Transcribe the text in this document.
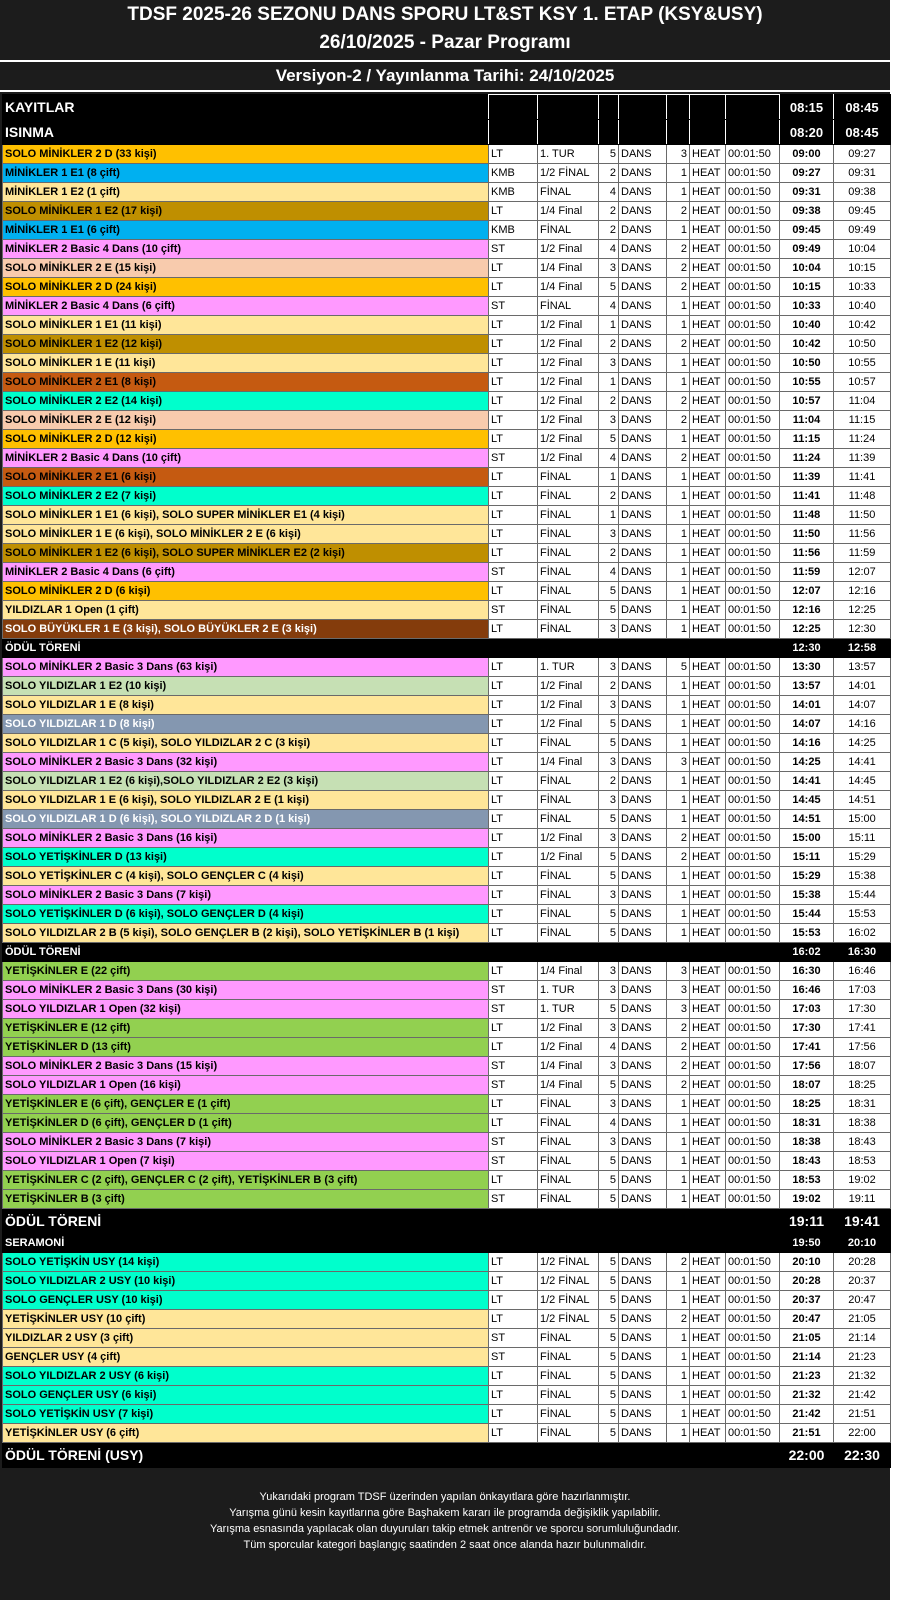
TDSF 2025-26 SEZONU DANS SPORU LT&ST KSY 1. ETAP (KSY&USY)
26/10/2025 - Pazar Programı
Versiyon-2 / Yayınlanma Tarihi: 24/10/2025
KAYITLAR								08:15	08:45
ISINMA								08:20	08:45
SOLO MİNİKLER 2 D (33 kişi)	LT	1. TUR	5	DANS	3	HEAT	00:01:50	09:00	09:27
MİNİKLER 1 E1 (8 çift)	KMB	1/2 FİNAL	2	DANS	1	HEAT	00:01:50	09:27	09:31
MİNİKLER 1 E2 (1 çift)	KMB	FİNAL	4	DANS	1	HEAT	00:01:50	09:31	09:38
SOLO MİNİKLER 1 E2 (17 kişi)	LT	1/4 Final	2	DANS	2	HEAT	00:01:50	09:38	09:45
MİNİKLER 1 E1 (6 çift)	KMB	FİNAL	2	DANS	1	HEAT	00:01:50	09:45	09:49
MİNİKLER 2 Basic 4 Dans (10 çift)	ST	1/2 Final	4	DANS	2	HEAT	00:01:50	09:49	10:04
SOLO MİNİKLER 2 E (15 kişi)	LT	1/4 Final	3	DANS	2	HEAT	00:01:50	10:04	10:15
SOLO MİNİKLER 2 D (24 kişi)	LT	1/4 Final	5	DANS	2	HEAT	00:01:50	10:15	10:33
MİNİKLER 2 Basic 4 Dans (6 çift)	ST	FİNAL	4	DANS	1	HEAT	00:01:50	10:33	10:40
SOLO MİNİKLER 1 E1 (11 kişi)	LT	1/2 Final	1	DANS	1	HEAT	00:01:50	10:40	10:42
SOLO MİNİKLER 1 E2 (12 kişi)	LT	1/2 Final	2	DANS	2	HEAT	00:01:50	10:42	10:50
SOLO MİNİKLER 1 E (11 kişi)	LT	1/2 Final	3	DANS	1	HEAT	00:01:50	10:50	10:55
SOLO MİNİKLER 2 E1 (8 kişi)	LT	1/2 Final	1	DANS	1	HEAT	00:01:50	10:55	10:57
SOLO MİNİKLER 2 E2 (14 kişi)	LT	1/2 Final	2	DANS	2	HEAT	00:01:50	10:57	11:04
SOLO MİNİKLER 2 E (12 kişi)	LT	1/2 Final	3	DANS	2	HEAT	00:01:50	11:04	11:15
SOLO MİNİKLER 2 D (12 kişi)	LT	1/2 Final	5	DANS	1	HEAT	00:01:50	11:15	11:24
MİNİKLER 2 Basic 4 Dans (10 çift)	ST	1/2 Final	4	DANS	2	HEAT	00:01:50	11:24	11:39
SOLO MİNİKLER 2 E1 (6 kişi)	LT	FİNAL	1	DANS	1	HEAT	00:01:50	11:39	11:41
SOLO MİNİKLER 2 E2 (7 kişi)	LT	FİNAL	2	DANS	1	HEAT	00:01:50	11:41	11:48
SOLO MİNİKLER 1 E1 (6 kişi), SOLO SUPER MİNİKLER E1 (4 kişi)	LT	FİNAL	1	DANS	1	HEAT	00:01:50	11:48	11:50
SOLO MİNİKLER 1 E (6 kişi), SOLO MİNİKLER 2 E (6 kişi)	LT	FİNAL	3	DANS	1	HEAT	00:01:50	11:50	11:56
SOLO MİNİKLER 1 E2 (6 kişi), SOLO SUPER MİNİKLER E2 (2 kişi)	LT	FİNAL	2	DANS	1	HEAT	00:01:50	11:56	11:59
MİNİKLER 2 Basic 4 Dans (6 çift)	ST	FİNAL	4	DANS	1	HEAT	00:01:50	11:59	12:07
SOLO MİNİKLER 2 D (6 kişi)	LT	FİNAL	5	DANS	1	HEAT	00:01:50	12:07	12:16
YILDIZLAR 1 Open (1 çift)	ST	FİNAL	5	DANS	1	HEAT	00:01:50	12:16	12:25
SOLO BÜYÜKLER 1 E (3 kişi), SOLO BÜYÜKLER 2 E (3 kişi)	LT	FİNAL	3	DANS	1	HEAT	00:01:50	12:25	12:30
ÖDÜL TÖRENİ								12:30	12:58
SOLO MİNİKLER 2 Basic 3 Dans (63 kişi)	LT	1. TUR	3	DANS	5	HEAT	00:01:50	13:30	13:57
SOLO YILDIZLAR 1 E2 (10 kişi)	LT	1/2 Final	2	DANS	1	HEAT	00:01:50	13:57	14:01
SOLO YILDIZLAR 1 E (8 kişi)	LT	1/2 Final	3	DANS	1	HEAT	00:01:50	14:01	14:07
SOLO YILDIZLAR 1 D (8 kişi)	LT	1/2 Final	5	DANS	1	HEAT	00:01:50	14:07	14:16
SOLO YILDIZLAR 1 C (5 kişi), SOLO YILDIZLAR 2 C (3 kişi)	LT	FİNAL	5	DANS	1	HEAT	00:01:50	14:16	14:25
SOLO MİNİKLER 2 Basic 3 Dans (32 kişi)	LT	1/4 Final	3	DANS	3	HEAT	00:01:50	14:25	14:41
SOLO YILDIZLAR 1 E2 (6 kişi),SOLO YILDIZLAR 2 E2 (3 kişi)	LT	FİNAL	2	DANS	1	HEAT	00:01:50	14:41	14:45
SOLO YILDIZLAR 1 E (6 kişi), SOLO YILDIZLAR 2 E (1 kişi)	LT	FİNAL	3	DANS	1	HEAT	00:01:50	14:45	14:51
SOLO YILDIZLAR 1 D (6 kişi), SOLO YILDIZLAR 2 D (1 kişi)	LT	FİNAL	5	DANS	1	HEAT	00:01:50	14:51	15:00
SOLO MİNİKLER 2 Basic 3 Dans (16 kişi)	LT	1/2 Final	3	DANS	2	HEAT	00:01:50	15:00	15:11
SOLO YETİŞKİNLER D (13 kişi)	LT	1/2 Final	5	DANS	2	HEAT	00:01:50	15:11	15:29
SOLO YETİŞKİNLER C (4 kişi), SOLO GENÇLER C (4 kişi)	LT	FİNAL	5	DANS	1	HEAT	00:01:50	15:29	15:38
SOLO MİNİKLER 2 Basic 3 Dans (7 kişi)	LT	FİNAL	3	DANS	1	HEAT	00:01:50	15:38	15:44
SOLO YETİŞKİNLER D (6 kişi), SOLO GENÇLER D (4 kişi)	LT	FİNAL	5	DANS	1	HEAT	00:01:50	15:44	15:53
SOLO YILDIZLAR 2 B (5 kişi), SOLO GENÇLER B (2 kişi), SOLO YETİŞKİNLER B (1 kişi)	LT	FİNAL	5	DANS	1	HEAT	00:01:50	15:53	16:02
ÖDÜL TÖRENİ								16:02	16:30
YETİŞKİNLER E (22 çift)	LT	1/4 Final	3	DANS	3	HEAT	00:01:50	16:30	16:46
SOLO MİNİKLER 2 Basic 3 Dans (30 kişi)	ST	1. TUR	3	DANS	3	HEAT	00:01:50	16:46	17:03
SOLO YILDIZLAR 1 Open (32 kişi)	ST	1. TUR	5	DANS	3	HEAT	00:01:50	17:03	17:30
YETİŞKİNLER E (12 çift)	LT	1/2 Final	3	DANS	2	HEAT	00:01:50	17:30	17:41
YETİŞKİNLER D (13 çift)	LT	1/2 Final	4	DANS	2	HEAT	00:01:50	17:41	17:56
SOLO MİNİKLER 2 Basic 3 Dans (15 kişi)	ST	1/4 Final	3	DANS	2	HEAT	00:01:50	17:56	18:07
SOLO YILDIZLAR 1 Open (16 kişi)	ST	1/4 Final	5	DANS	2	HEAT	00:01:50	18:07	18:25
YETİŞKİNLER E (6 çift), GENÇLER E (1 çift)	LT	FİNAL	3	DANS	1	HEAT	00:01:50	18:25	18:31
YETİŞKİNLER D (6 çift), GENÇLER D (1 çift)	LT	FİNAL	4	DANS	1	HEAT	00:01:50	18:31	18:38
SOLO MİNİKLER 2 Basic 3 Dans (7 kişi)	ST	FİNAL	3	DANS	1	HEAT	00:01:50	18:38	18:43
SOLO YILDIZLAR 1 Open (7 kişi)	ST	FİNAL	5	DANS	1	HEAT	00:01:50	18:43	18:53
YETİŞKİNLER C (2 çift), GENÇLER C (2 çift), YETİŞKİNLER B (3 çift)	LT	FİNAL	5	DANS	1	HEAT	00:01:50	18:53	19:02
YETİŞKİNLER B (3 çift)	ST	FİNAL	5	DANS	1	HEAT	00:01:50	19:02	19:11
ÖDÜL TÖRENİ								19:11	19:41
SERAMONİ								19:50	20:10
SOLO YETİŞKİN USY (14 kişi)	LT	1/2 FİNAL	5	DANS	2	HEAT	00:01:50	20:10	20:28
SOLO YILDIZLAR 2 USY (10 kişi)	LT	1/2 FİNAL	5	DANS	1	HEAT	00:01:50	20:28	20:37
SOLO GENÇLER USY (10 kişi)	LT	1/2 FİNAL	5	DANS	1	HEAT	00:01:50	20:37	20:47
YETİŞKİNLER USY (10 çift)	LT	1/2 FİNAL	5	DANS	2	HEAT	00:01:50	20:47	21:05
YILDIZLAR 2 USY (3 çift)	ST	FİNAL	5	DANS	1	HEAT	00:01:50	21:05	21:14
GENÇLER USY (4 çift)	ST	FİNAL	5	DANS	1	HEAT	00:01:50	21:14	21:23
SOLO YILDIZLAR 2 USY (6 kişi)	LT	FİNAL	5	DANS	1	HEAT	00:01:50	21:23	21:32
SOLO GENÇLER USY (6 kişi)	LT	FİNAL	5	DANS	1	HEAT	00:01:50	21:32	21:42
SOLO YETİŞKİN USY (7 kişi)	LT	FİNAL	5	DANS	1	HEAT	00:01:50	21:42	21:51
YETİŞKİNLER USY (6 çift)	LT	FİNAL	5	DANS	1	HEAT	00:01:50	21:51	22:00
ÖDÜL TÖRENİ (USY)								22:00	22:30
Yukarıdaki program TDSF üzerinden yapılan önkayıtlara göre hazırlanmıştır.
Yarışma günü kesin kayıtlarına göre Başhakem kararı ile programda değişiklik yapılabilir.
Yarışma esnasında yapılacak olan duyuruları takip etmek antrenör ve sporcu sorumluluğundadır.
Tüm sporcular kategori başlangıç saatinden 2 saat önce alanda hazır bulunmalıdır.
